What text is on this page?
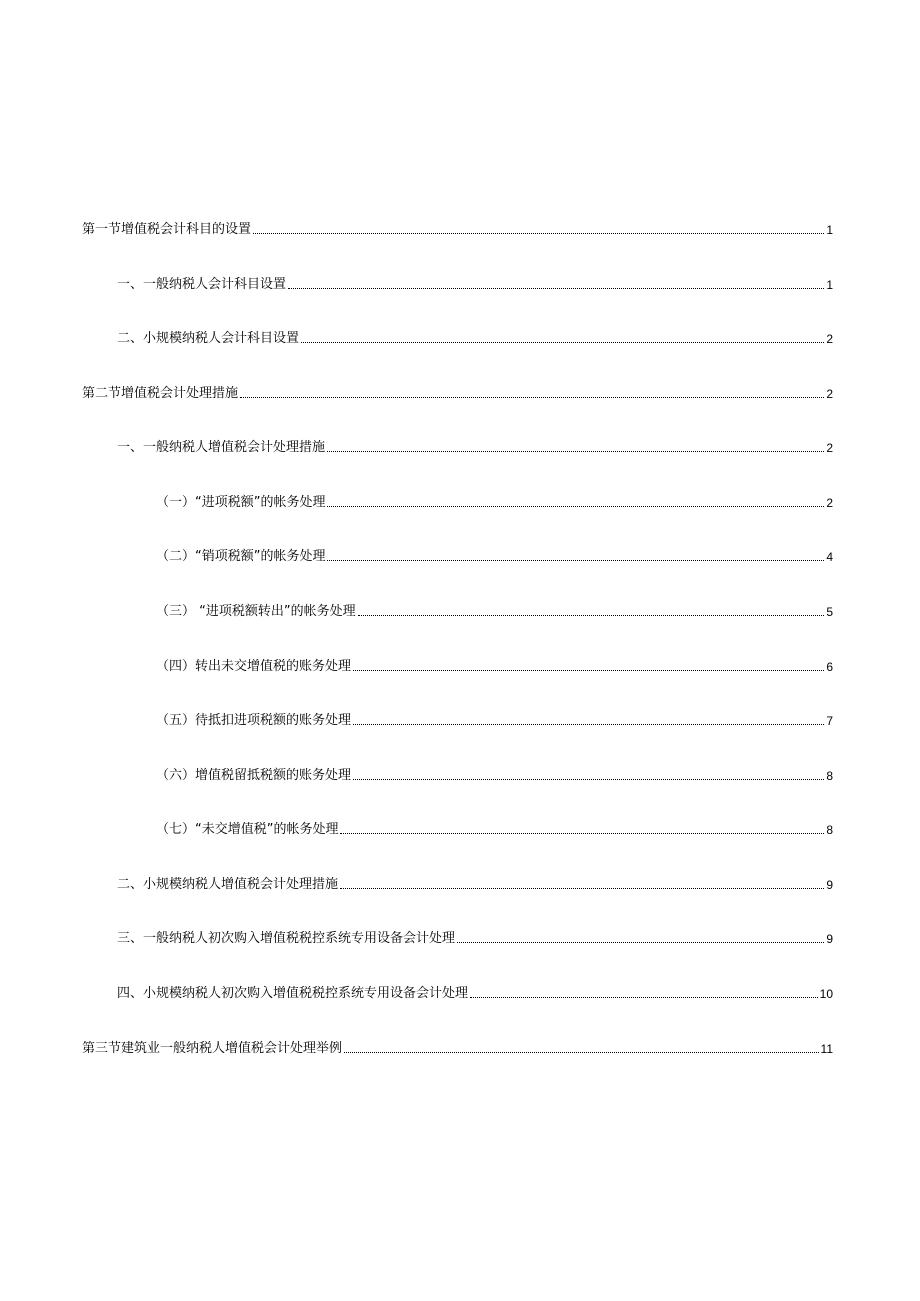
第一节增值税会计科目的设置	1
一、一般纳税人会计科目设置	1
二、小规模纳税人会计科目设置	2
第二节增值税会计处理措施	2
一、一般纳税人增值税会计处理措施	2
（一）“进项税额”的帐务处理	2
（二）“销项税额”的帐务处理	4
（三） “进项税额转出”的帐务处理	5
（四）转出未交增值税的账务处理	6
（五）待抵扣进项税额的账务处理	7
（六）增值税留抵税额的账务处理	8
（七）“未交增值税”的帐务处理	8
二、小规模纳税人增值税会计处理措施	9
三、一般纳税人初次购入增值税税控系统专用设备会计处理	9
四、小规模纳税人初次购入增值税税控系统专用设备会计处理	10
第三节建筑业一般纳税人增值税会计处理举例	11
